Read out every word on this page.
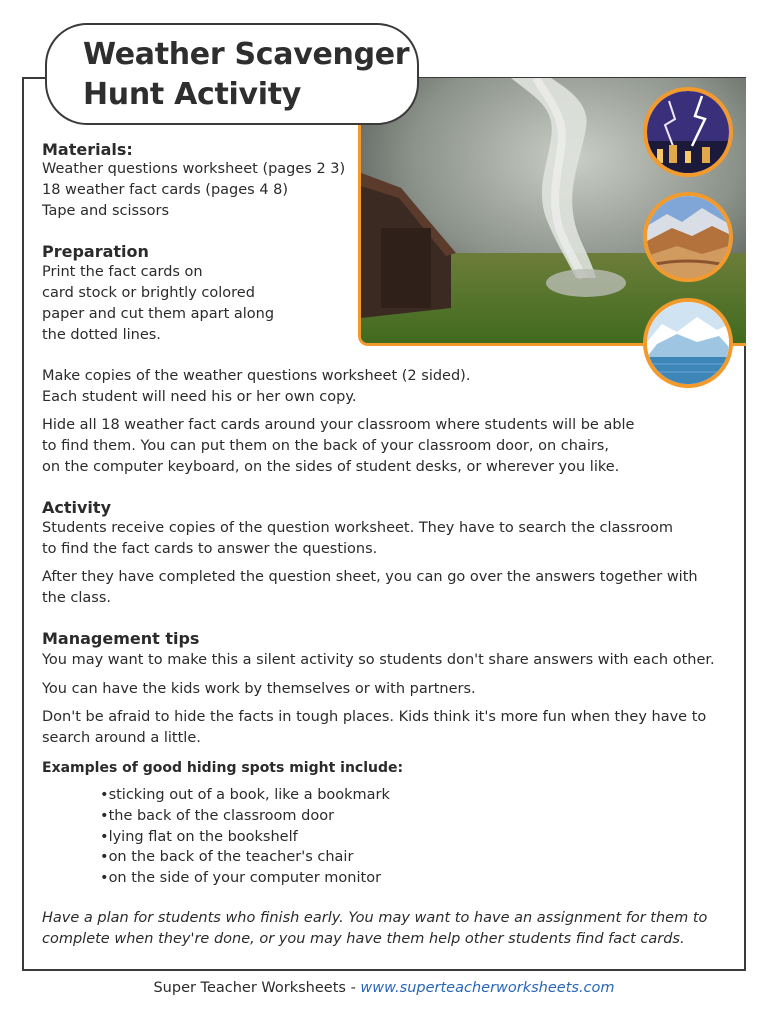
Weather Scavenger
Hunt Activity
Materials:
Weather questions worksheet (pages 2 3)
18 weather fact cards (pages 4 8)
Tape and scissors
Preparation
Print the fact cards on
card stock or brightly colored
paper and cut them apart along
the dotted lines.
Make copies of the weather questions worksheet (2 sided).
Each student will need his or her own copy.
Hide all 18 weather fact cards around your classroom where students will be able
to find them. You can put them on the back of your classroom door, on chairs,
on the computer keyboard, on the sides of student desks, or wherever you like.
Activity
Students receive copies of the question worksheet. They have to search the classroom
to find the fact cards to answer the questions.
After they have completed the question sheet, you can go over the answers together with
the class.
Management tips
You may want to make this a silent activity so students don't share answers with each other.
You can have the kids work by themselves or with partners.
Don't be afraid to hide the facts in tough places. Kids think it's more fun when they have to
search around a little.
Examples of good hiding spots might include:
• sticking out of a book, like a bookmark
• the back of the classroom door
• lying flat on the bookshelf
• on the back of the teacher's chair
• on the side of your computer monitor
Have a plan for students who finish early. You may want to have an assignment for them to
complete when they're done, or you may have them help other students find fact cards.
Super Teacher Worksheets - www.superteacherworksheets.com
